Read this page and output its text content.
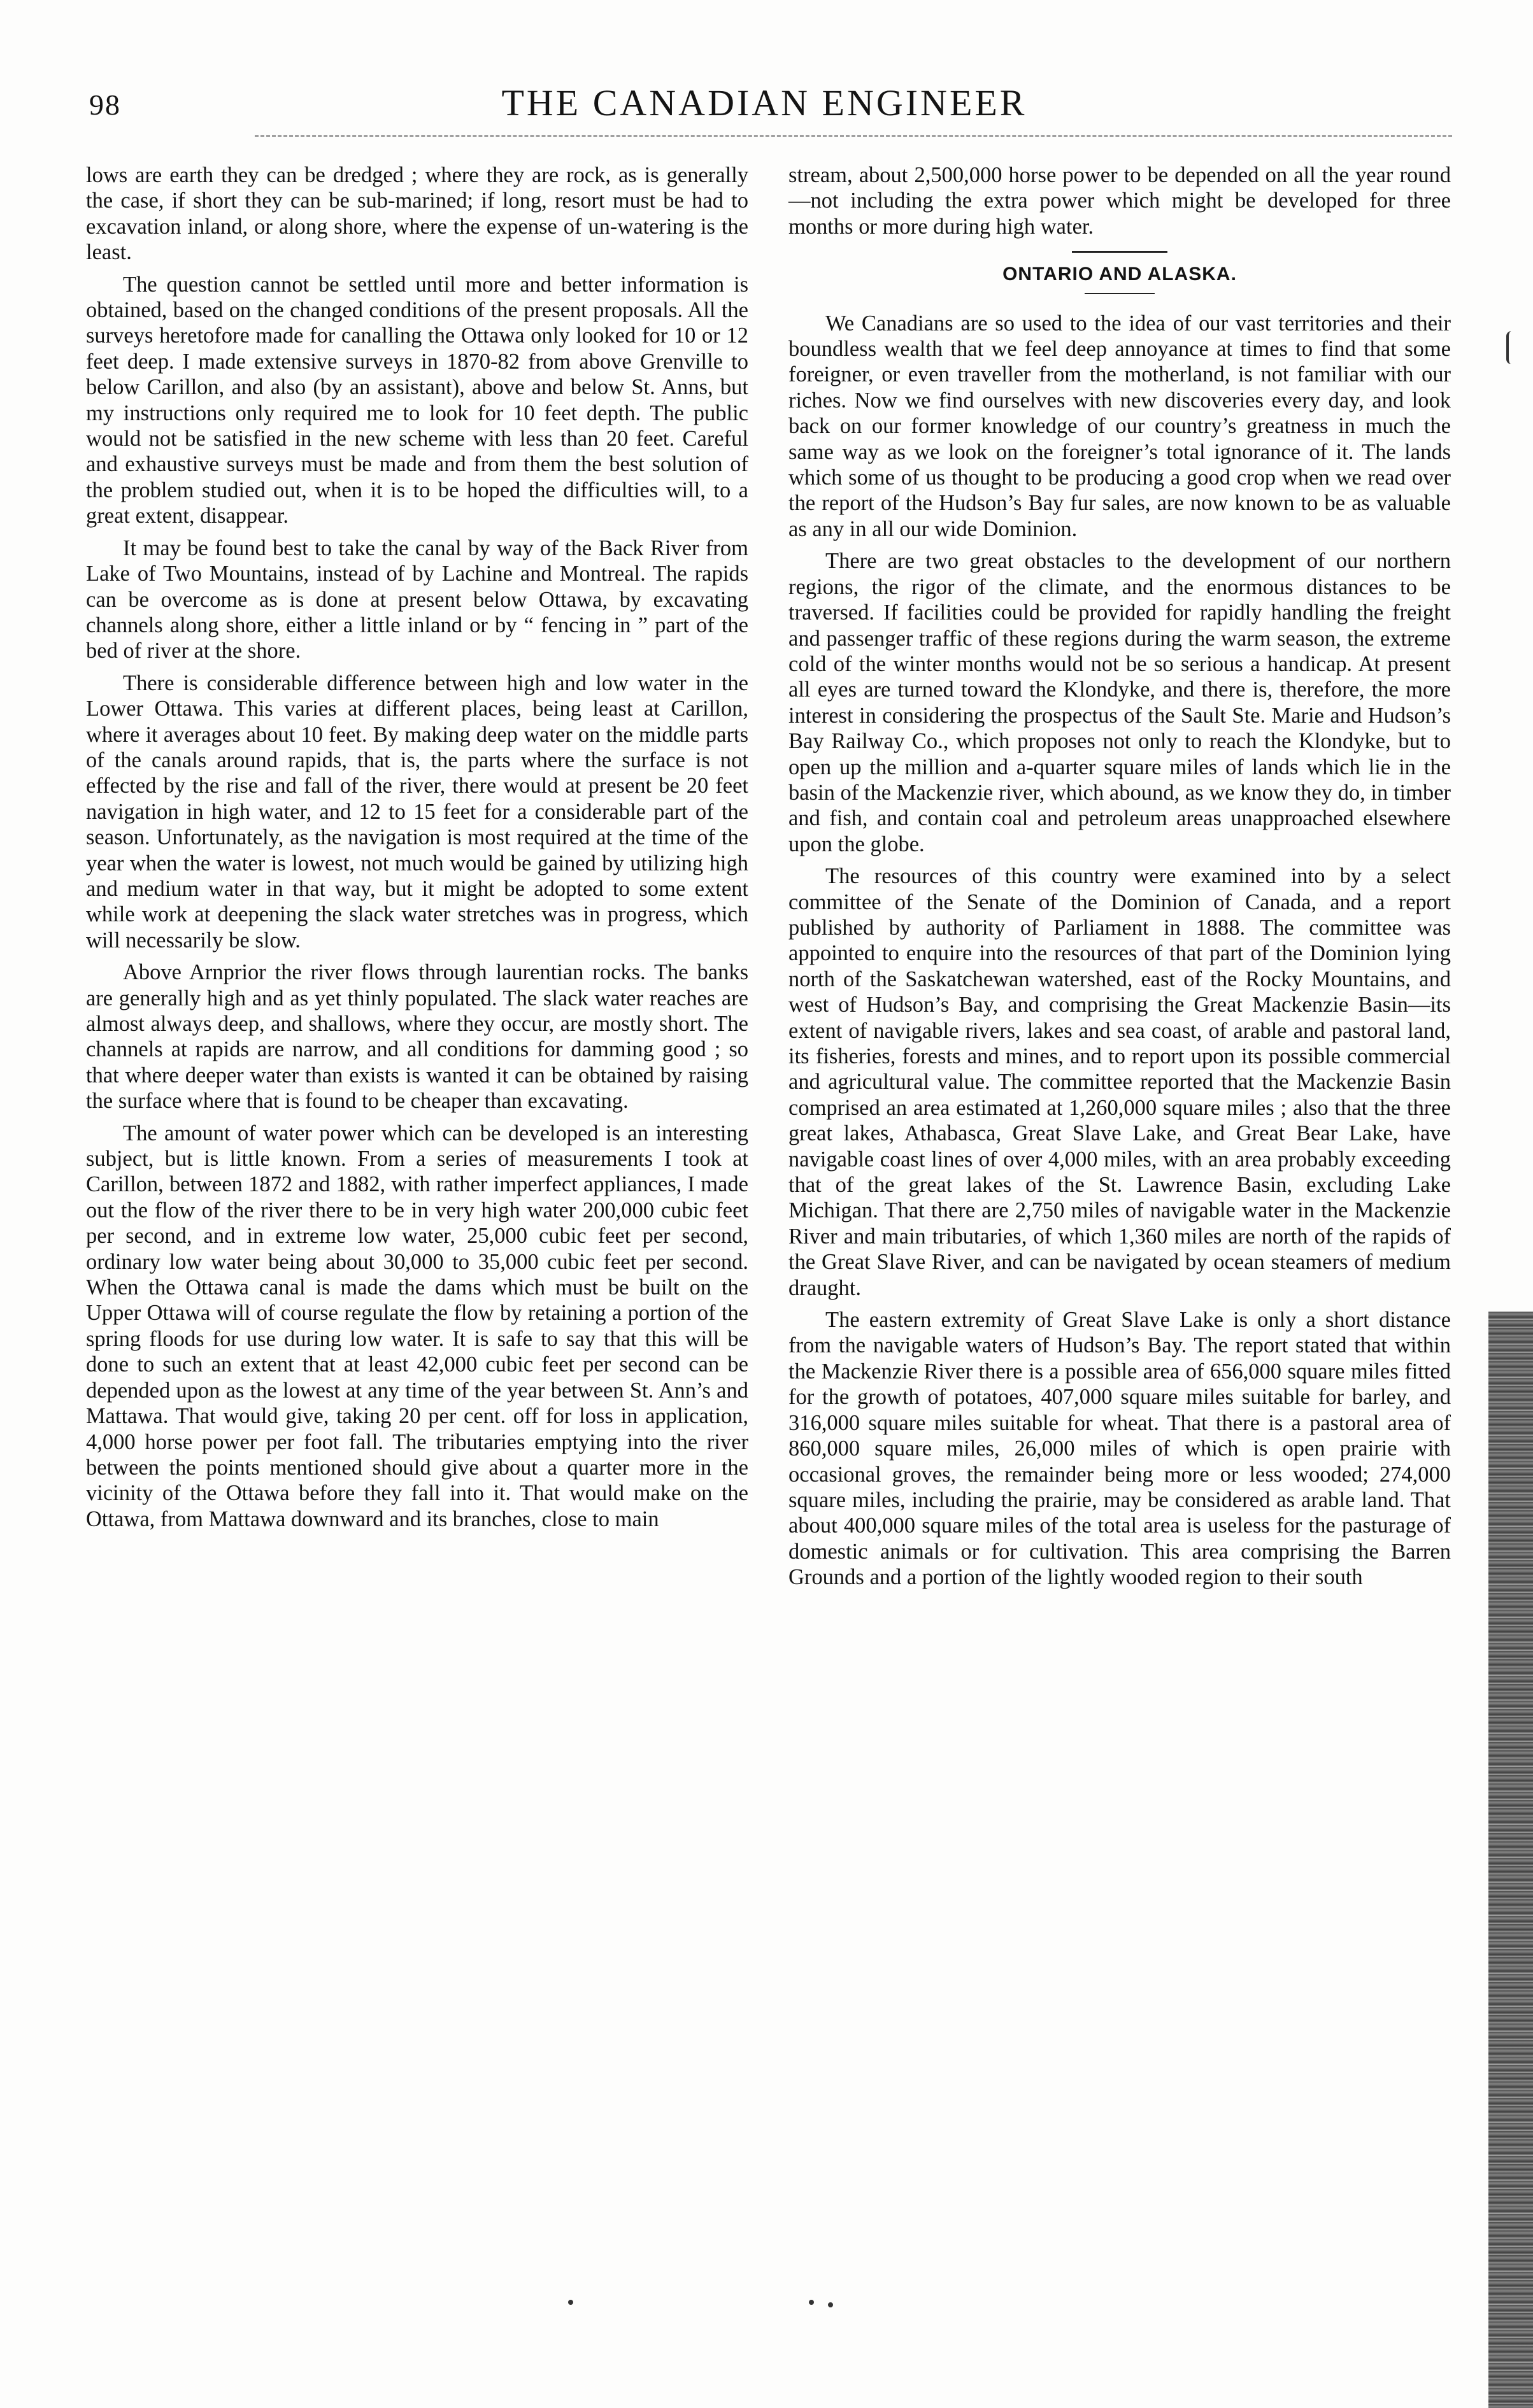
98	THE CANADIAN ENGINEER

lows are earth they can be dredged ; where they are rock, as is generally the case, if short they can be sub-marined; if long, resort must be had to excavation inland, or along shore, where the expense of un-watering is the least.

The question cannot be settled until more and better information is obtained, based on the changed conditions of the present proposals. All the surveys heretofore made for canalling the Ottawa only looked for 10 or 12 feet deep. I made extensive surveys in 1870-82 from above Grenville to below Carillon, and also (by an assistant), above and below St. Anns, but my instructions only required me to look for 10 feet depth. The public would not be satisfied in the new scheme with less than 20 feet. Careful and exhaustive surveys must be made and from them the best solution of the problem studied out, when it is to be hoped the difficulties will, to a great extent, disappear.

It may be found best to take the canal by way of the Back River from Lake of Two Mountains, instead of by Lachine and Montreal. The rapids can be overcome as is done at present below Ottawa, by excavating channels along shore, either a little inland or by “ fencing in ” part of the bed of river at the shore.

There is considerable difference between high and low water in the Lower Ottawa. This varies at different places, being least at Carillon, where it averages about 10 feet. By making deep water on the middle parts of the canals around rapids, that is, the parts where the surface is not effected by the rise and fall of the river, there would at present be 20 feet navigation in high water, and 12 to 15 feet for a considerable part of the season. Unfortunately, as the navigation is most required at the time of the year when the water is lowest, not much would be gained by utilizing high and medium water in that way, but it might be adopted to some extent while work at deepening the slack water stretches was in progress, which will necessarily be slow.

Above Arnprior the river flows through laurentian rocks. The banks are generally high and as yet thinly populated. The slack water reaches are almost always deep, and shallows, where they occur, are mostly short. The channels at rapids are narrow, and all conditions for damming good ; so that where deeper water than exists is wanted it can be obtained by raising the surface where that is found to be cheaper than excavating.

The amount of water power which can be developed is an interesting subject, but is little known. From a series of measurements I took at Carillon, between 1872 and 1882, with rather imperfect appliances, I made out the flow of the river there to be in very high water 200,000 cubic feet per second, and in extreme low water, 25,000 cubic feet per second, ordinary low water being about 30,000 to 35,000 cubic feet per second. When the Ottawa canal is made the dams which must be built on the Upper Ottawa will of course regulate the flow by retaining a portion of the spring floods for use during low water. It is safe to say that this will be done to such an extent that at least 42,000 cubic feet per second can be depended upon as the lowest at any time of the year between St. Ann’s and Mattawa. That would give, taking 20 per cent. off for loss in application, 4,000 horse power per foot fall. The tributaries emptying into the river between the points mentioned should give about a quarter more in the vicinity of the Ottawa before they fall into it. That would make on the Ottawa, from Mattawa downward and its branches, close to main

stream, about 2,500,000 horse power to be depended on all the year round—not including the extra power which might be developed for three months or more during high water.

ONTARIO AND ALASKA.

We Canadians are so used to the idea of our vast territories and their boundless wealth that we feel deep annoyance at times to find that some foreigner, or even traveller from the motherland, is not familiar with our riches. Now we find ourselves with new discoveries every day, and look back on our former knowledge of our country’s greatness in much the same way as we look on the foreigner’s total ignorance of it. The lands which some of us thought to be producing a good crop when we read over the report of the Hudson’s Bay fur sales, are now known to be as valuable as any in all our wide Dominion.

There are two great obstacles to the development of our northern regions, the rigor of the climate, and the enormous distances to be traversed. If facilities could be provided for rapidly handling the freight and passenger traffic of these regions during the warm season, the extreme cold of the winter months would not be so serious a handicap. At present all eyes are turned toward the Klondyke, and there is, therefore, the more interest in considering the prospectus of the Sault Ste. Marie and Hudson’s Bay Railway Co., which proposes not only to reach the Klondyke, but to open up the million and a-quarter square miles of lands which lie in the basin of the Mackenzie river, which abound, as we know they do, in timber and fish, and contain coal and petroleum areas unapproached elsewhere upon the globe.

The resources of this country were examined into by a select committee of the Senate of the Dominion of Canada, and a report published by authority of Parliament in 1888. The committee was appointed to enquire into the resources of that part of the Dominion lying north of the Saskatchewan watershed, east of the Rocky Mountains, and west of Hudson’s Bay, and comprising the Great Mackenzie Basin—its extent of navigable rivers, lakes and sea coast, of arable and pastoral land, its fisheries, forests and mines, and to report upon its possible commercial and agricultural value. The committee reported that the Mackenzie Basin comprised an area estimated at 1,260,000 square miles ; also that the three great lakes, Athabasca, Great Slave Lake, and Great Bear Lake, have navigable coast lines of over 4,000 miles, with an area probably exceeding that of the great lakes of the St. Lawrence Basin, excluding Lake Michigan. That there are 2,750 miles of navigable water in the Mackenzie River and main tributaries, of which 1,360 miles are north of the rapids of the Great Slave River, and can be navigated by ocean steamers of medium draught.

The eastern extremity of Great Slave Lake is only a short distance from the navigable waters of Hudson’s Bay. The report stated that within the Mackenzie River there is a possible area of 656,000 square miles fitted for the growth of potatoes, 407,000 square miles suitable for barley, and 316,000 square miles suitable for wheat. That there is a pastoral area of 860,000 square miles, 26,000 miles of which is open prairie with occasional groves, the remainder being more or less wooded; 274,000 square miles, including the prairie, may be considered as arable land. That about 400,000 square miles of the total area is useless for the pasturage of domestic animals or for cultivation. This area comprising the Barren Grounds and a portion of the lightly wooded region to their south
